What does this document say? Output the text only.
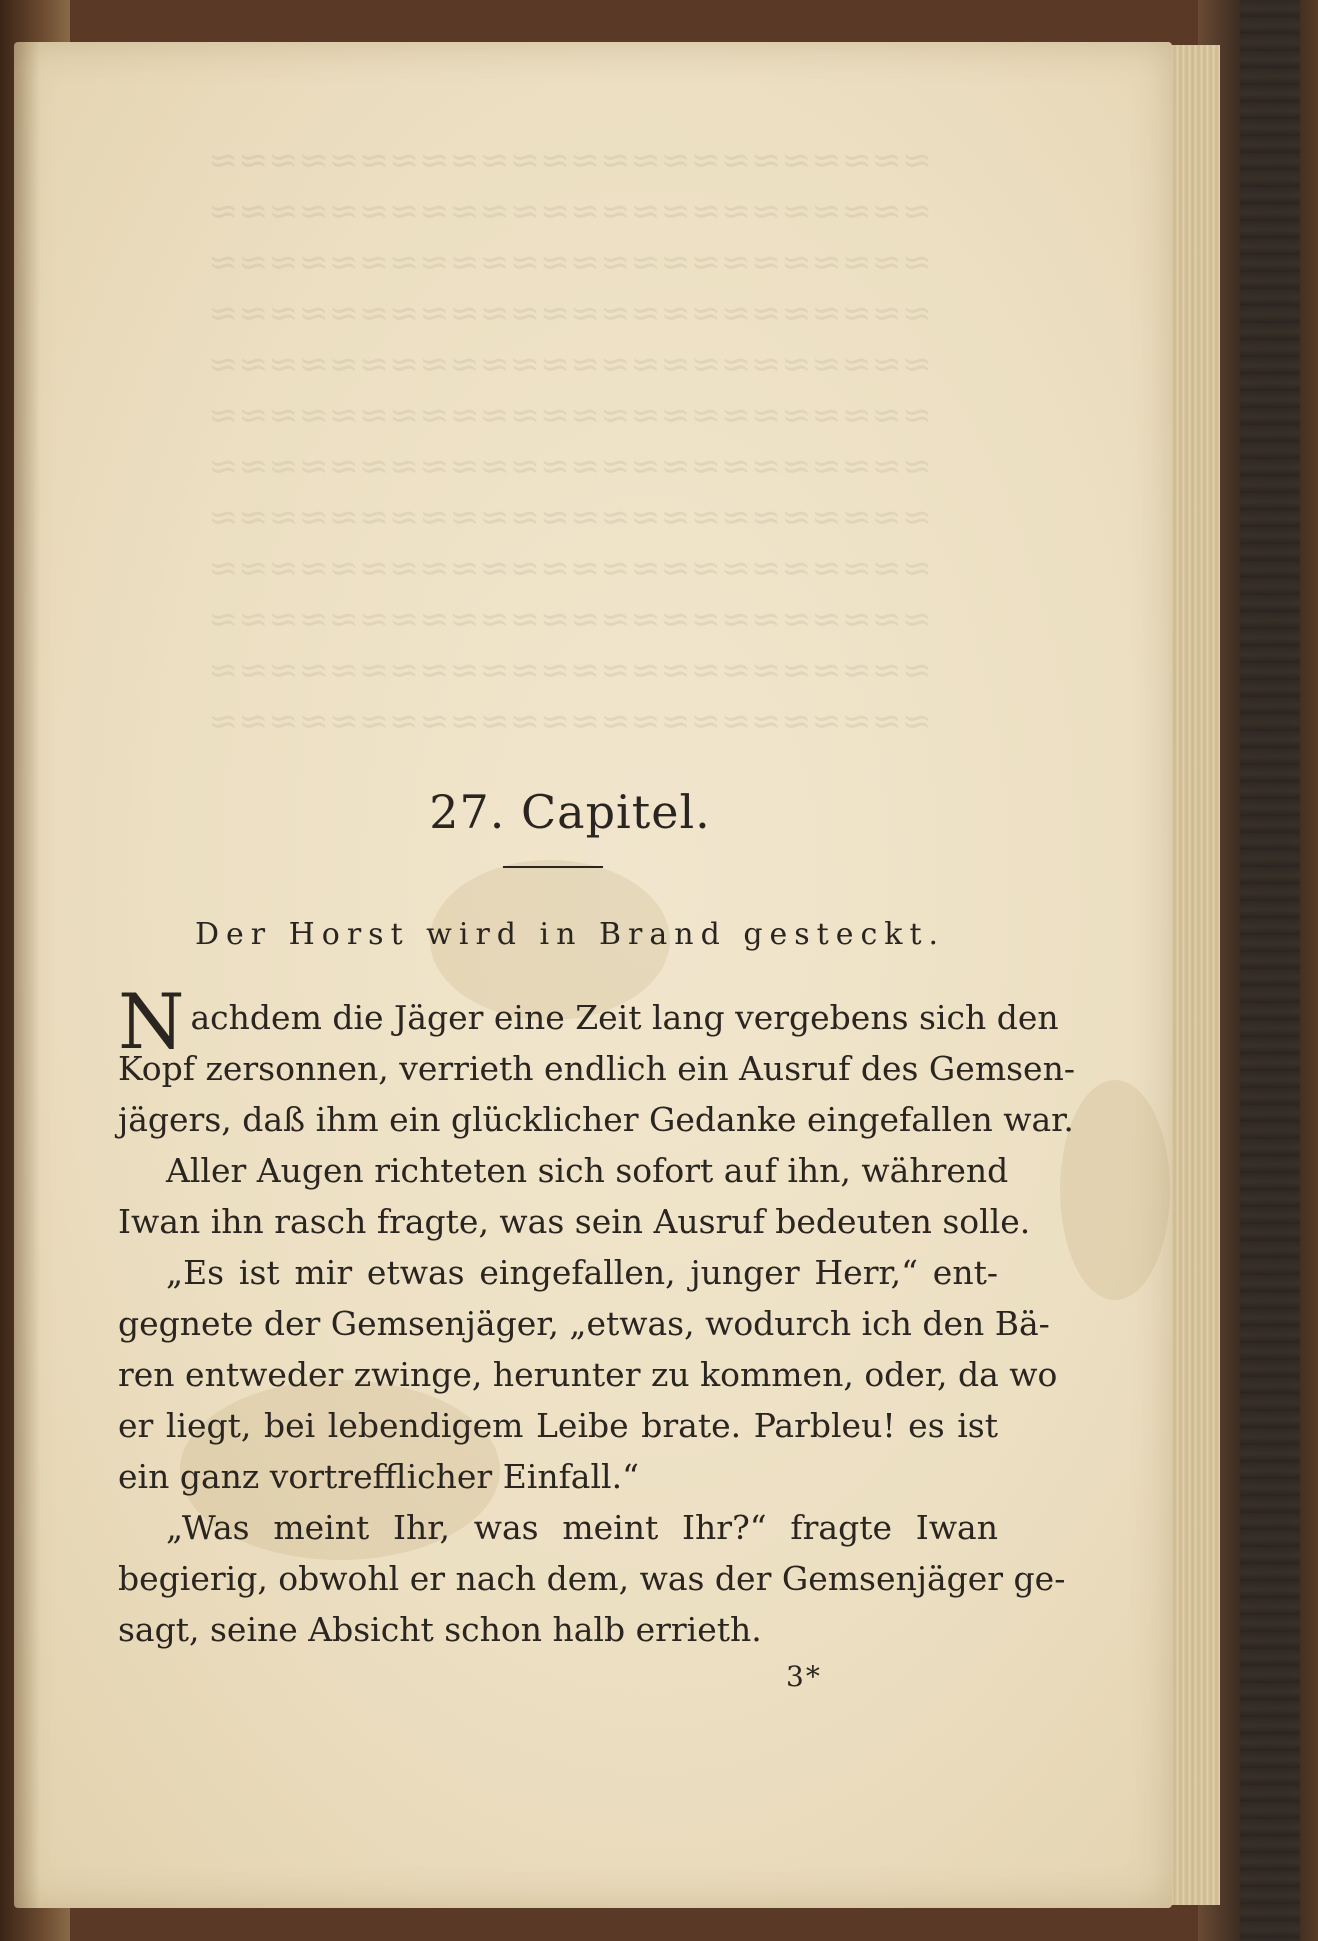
≈≈≈≈≈≈≈≈≈≈≈≈≈≈≈≈≈≈≈≈≈≈≈≈
≈≈≈≈≈≈≈≈≈≈≈≈≈≈≈≈≈≈≈≈≈≈≈≈
≈≈≈≈≈≈≈≈≈≈≈≈≈≈≈≈≈≈≈≈≈≈≈≈
≈≈≈≈≈≈≈≈≈≈≈≈≈≈≈≈≈≈≈≈≈≈≈≈
≈≈≈≈≈≈≈≈≈≈≈≈≈≈≈≈≈≈≈≈≈≈≈≈
≈≈≈≈≈≈≈≈≈≈≈≈≈≈≈≈≈≈≈≈≈≈≈≈
≈≈≈≈≈≈≈≈≈≈≈≈≈≈≈≈≈≈≈≈≈≈≈≈
≈≈≈≈≈≈≈≈≈≈≈≈≈≈≈≈≈≈≈≈≈≈≈≈
≈≈≈≈≈≈≈≈≈≈≈≈≈≈≈≈≈≈≈≈≈≈≈≈
≈≈≈≈≈≈≈≈≈≈≈≈≈≈≈≈≈≈≈≈≈≈≈≈
≈≈≈≈≈≈≈≈≈≈≈≈≈≈≈≈≈≈≈≈≈≈≈≈
≈≈≈≈≈≈≈≈≈≈≈≈≈≈≈≈≈≈≈≈≈≈≈≈
27. Capitel.
Der Horst wird in Brand gesteckt.
N achdem die Jäger eine Zeit lang vergebens sich den
Kopf zersonnen, verrieth endlich ein Ausruf des Gemsen-
jägers, daß ihm ein glücklicher Gedanke eingefallen war.
Aller Augen richteten sich sofort auf ihn, während
Iwan ihn rasch fragte, was sein Ausruf bedeuten solle.
„Es ist mir etwas eingefallen, junger Herr,“ ent-
gegnete der Gemsenjäger, „etwas, wodurch ich den Bä-
ren entweder zwinge, herunter zu kommen, oder, da wo
er liegt, bei lebendigem Leibe brate. Parbleu! es ist
ein ganz vortrefflicher Einfall.“
„Was meint Ihr, was meint Ihr?“ fragte Iwan
begierig, obwohl er nach dem, was der Gemsenjäger ge-
sagt, seine Absicht schon halb errieth.
3*
